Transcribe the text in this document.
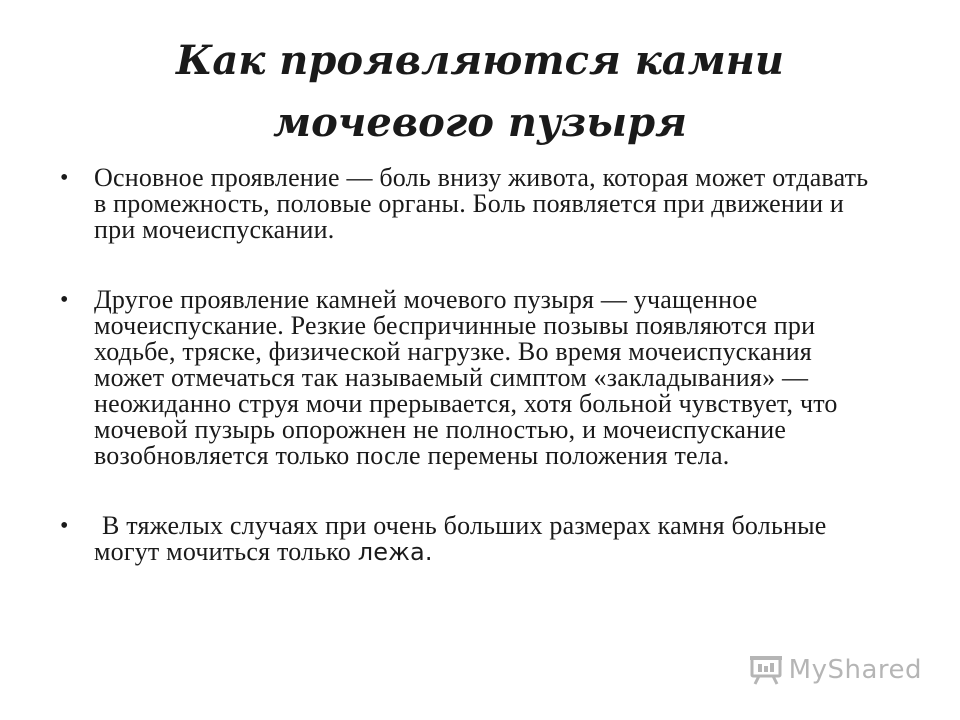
Как проявляются камни мочевого пузыря
• Основное проявление — боль внизу живота, которая может отдавать в промежность, половые органы. Боль появляется при движении и при мочеиспускании.
• Другое проявление камней мочевого пузыря — учащенное мочеиспускание. Резкие беспричинные позывы появляются при ходьбе, тряске, физической нагрузке. Во время мочеиспускания может отмечаться так называемый симптом «закладывания» — неожиданно струя мочи прерывается, хотя больной чувствует, что мочевой пузырь опорожнен не полностью, и мочеиспускание возобновляется только после перемены положения тела.
• В тяжелых случаях при очень больших размерах камня больные могут мочиться только лежа.
MyShared
